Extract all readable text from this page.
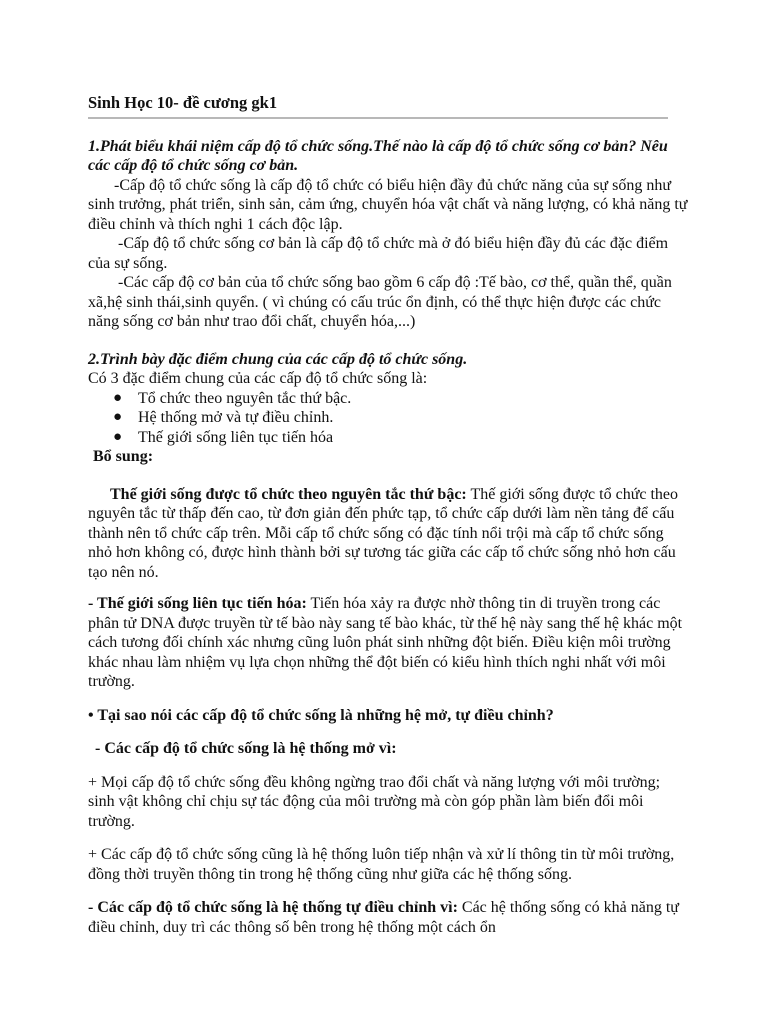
Sinh Học 10- đề cương gk1

1.Phát biểu khái niệm cấp độ tổ chức sống.Thế nào là cấp độ tổ chức sống cơ bản? Nêu các cấp độ tổ chức sống cơ bản.

-Cấp độ tổ chức sống là cấp độ tổ chức có biểu hiện đầy đủ chức năng của sự sống như sinh trưởng, phát triển, sinh sản, cảm ứng, chuyển hóa vật chất và năng lượng, có khả năng tự điều chỉnh và thích nghi 1 cách độc lập.

-Cấp độ tổ chức sống cơ bản là cấp độ tổ chức mà ở đó biểu hiện đầy đủ các đặc điểm của sự sống.

-Các cấp độ cơ bản của tổ chức sống bao gồm 6 cấp độ :Tế bào, cơ thể, quần thể, quần xã,hệ sinh thái,sinh quyển. ( vì chúng có cấu trúc ổn định, có thể thực hiện được các chức năng sống cơ bản như trao đổi chất, chuyển hóa,...)

2.Trình bày đặc điểm chung của các cấp độ tổ chức sống.

Có 3 đặc điểm chung của các cấp độ tổ chức sống là:

● Tổ chức theo nguyên tắc thứ bậc.
● Hệ thống mở và tự điều chỉnh.
● Thế giới sống liên tục tiến hóa

Bổ sung:

Thế giới sống được tổ chức theo nguyên tắc thứ bậc: Thế giới sống được tổ chức theo nguyên tắc từ thấp đến cao, từ đơn giản đến phức tạp, tổ chức cấp dưới làm nền tảng để cấu thành nên tổ chức cấp trên. Mỗi cấp tổ chức sống có đặc tính nổi trội mà cấp tổ chức sống nhỏ hơn không có, được hình thành bởi sự tương tác giữa các cấp tổ chức sống nhỏ hơn cấu tạo nên nó.

- Thế giới sống liên tục tiến hóa: Tiến hóa xảy ra được nhờ thông tin di truyền trong các phân tử DNA được truyền từ tế bào này sang tế bào khác, từ thế hệ này sang thế hệ khác một cách tương đối chính xác nhưng cũng luôn phát sinh những đột biến. Điều kiện môi trường khác nhau làm nhiệm vụ lựa chọn những thể đột biến có kiểu hình thích nghi nhất với môi trường.

• Tại sao nói các cấp độ tổ chức sống là những hệ mở, tự điều chỉnh?

- Các cấp độ tổ chức sống là hệ thống mở vì:

+ Mọi cấp độ tổ chức sống đều không ngừng trao đổi chất và năng lượng với môi trường; sinh vật không chỉ chịu sự tác động của môi trường mà còn góp phần làm biến đổi môi trường.

+ Các cấp độ tổ chức sống cũng là hệ thống luôn tiếp nhận và xử lí thông tin từ môi trường, đồng thời truyền thông tin trong hệ thống cũng như giữa các hệ thống sống.

- Các cấp độ tổ chức sống là hệ thống tự điều chỉnh vì: Các hệ thống sống có khả năng tự điều chỉnh, duy trì các thông số bên trong hệ thống một cách ổn
